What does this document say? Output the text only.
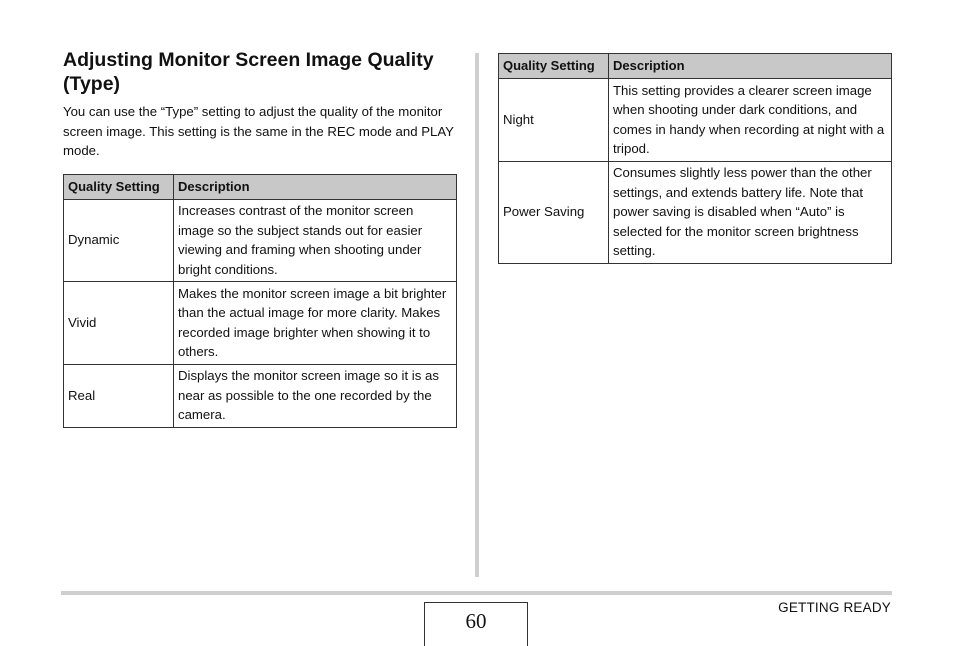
Adjusting Monitor Screen Image Quality (Type)

You can use the “Type” setting to adjust the quality of the monitor screen image. This setting is the same in the REC mode and PLAY mode.

Quality Setting	Description
Dynamic	Increases contrast of the monitor screen image so the subject stands out for easier viewing and framing when shooting under bright conditions.
Vivid	Makes the monitor screen image a bit brighter than the actual image for more clarity. Makes recorded image brighter when showing it to others.
Real	Displays the monitor screen image so it is as near as possible to the one recorded by the camera.
Quality Setting	Description
Night	This setting provides a clearer screen image when shooting under dark conditions, and comes in handy when recording at night with a tripod.
Power Saving	Consumes slightly less power than the other settings, and extends battery life. Note that power saving is disabled when “Auto” is selected for the monitor screen brightness setting.
60
GETTING READY
